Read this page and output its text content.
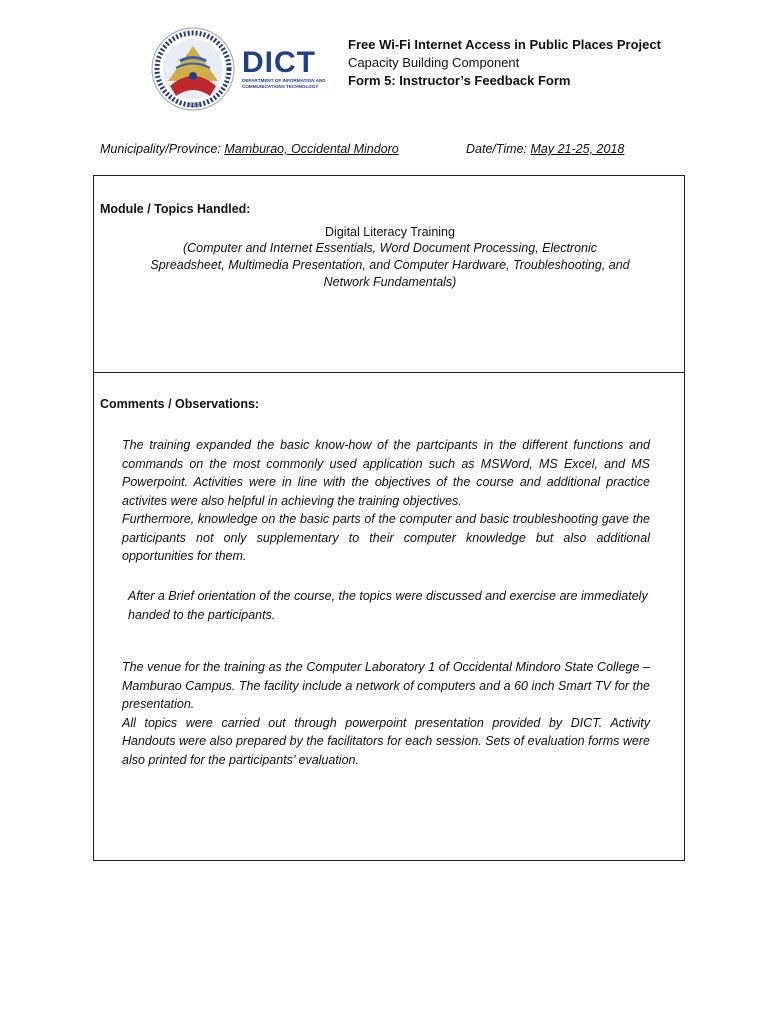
2016
DICT
DEPARTMENT OF INFORMATION AND COMMUNICATIONS TECHNOLOGY
Free Wi-Fi Internet Access in Public Places Project
Capacity Building Component
Form 5: Instructor’s Feedback Form
Municipality/Province: Mamburao, Occidental Mindoro	Date/Time: May 21-25, 2018
Module / Topics Handled:
Digital Literacy Training
(Computer and Internet Essentials, Word Document Processing, Electronic Spreadsheet, Multimedia Presentation, and Computer Hardware, Troubleshooting, and Network Fundamentals)
Comments / Observations:

The training expanded the basic know-how of the partcipants in the different functions and commands on the most commonly used application such as MSWord, MS Excel, and MS Powerpoint. Activities were in line with the objectives of the course and additional practice activites were also helpful in achieving the training objectives.

Furthermore, knowledge on the basic parts of the computer and basic troubleshooting gave the participants not only supplementary to their computer knowledge but also additional opportunities for them.

After a Brief orientation of the course, the topics were discussed and exercise are immediately handed to the participants.

The venue for the training as the Computer Laboratory 1 of Occidental Mindoro State College – Mamburao Campus. The facility include a network of computers and a 60 inch Smart TV for the presentation.

All topics were carried out through powerpoint presentation provided by DICT. Activity Handouts were also prepared by the facilitators for each session. Sets of evaluation forms were also printed for the participants’ evaluation.
